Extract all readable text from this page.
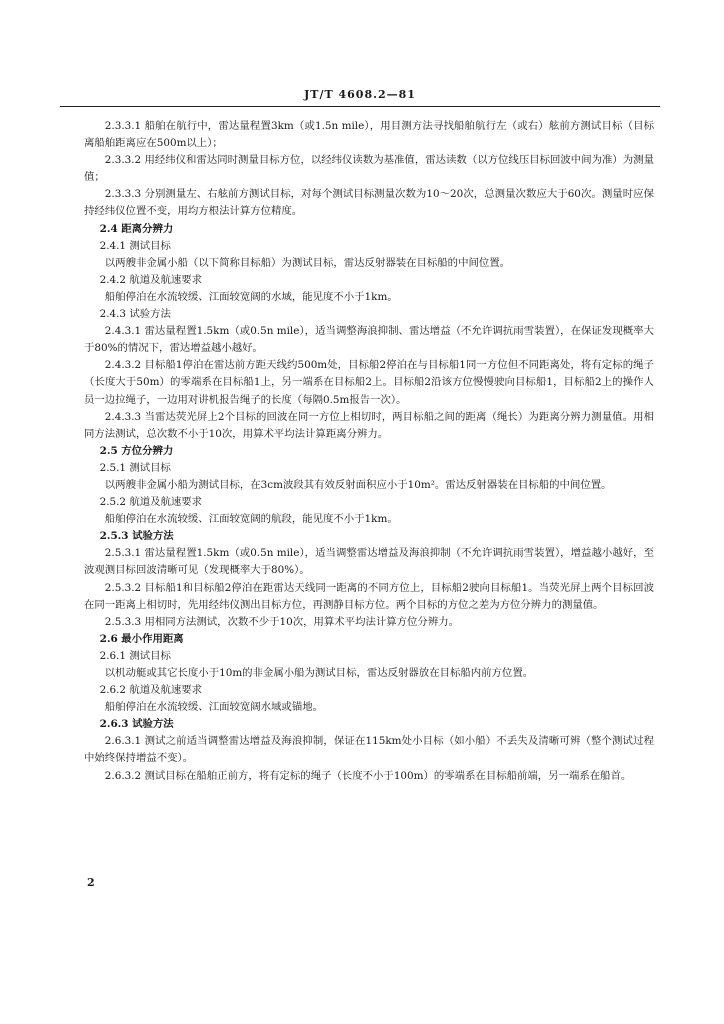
JT/T 4608.2—81

2.3.3.1 船舶在航行中，雷达量程置3km（或1.5n mile），用目测方法寻找船舶航行左（或右）舷前方测试目标（目标离船舶距离应在500m以上）；

2.3.3.2 用经纬仪和雷达同时测量目标方位，以经纬仪读数为基准值，雷达读数（以方位线压目标回波中间为准）为测量值；

2.3.3.3 分别测量左、右舷前方测试目标，对每个测试目标测量次数为10～20次，总测量次数应大于60次。测量时应保持经纬仪位置不变，用均方根法计算方位精度。

2.4 距离分辨力

2.4.1 测试目标

以两艘非金属小船（以下简称目标船）为测试目标，雷达反射器装在目标船的中间位置。

2.4.2 航道及航速要求

船舶停泊在水流较缓、江面较宽阔的水域，能见度不小于1km。

2.4.3 试验方法

2.4.3.1 雷达量程置1.5km（或0.5n mile），适当调整海浪抑制、雷达增益（不允许调抗雨雪装置），在保证发现概率大于80%的情况下，雷达增益越小越好。

2.4.3.2 目标船1停泊在雷达前方距天线约500m处，目标船2停泊在与目标船1同一方位但不同距离处，将有定标的绳子（长度大于50m）的零端系在目标船1上，另一端系在目标船2上。目标船2沿该方位慢慢驶向目标船1，目标船2上的操作人员一边拉绳子，一边用对讲机报告绳子的长度（每隔0.5m报告一次）。

2.4.3.3 当雷达荧光屏上2个目标的回波在同一方位上相切时，两目标船之间的距离（绳长）为距离分辨力测量值。用相同方法测试，总次数不小于10次，用算术平均法计算距离分辨力。

2.5 方位分辨力

2.5.1 测试目标

以两艘非金属小船为测试目标，在3cm波段其有效反射面积应小于10m²。雷达反射器装在目标船的中间位置。

2.5.2 航道及航速要求

船舶停泊在水流较缓、江面较宽阔的航段，能见度不小于1km。

2.5.3 试验方法

2.5.3.1 雷达量程置1.5km（或0.5n mile），适当调整雷达增益及海浪抑制（不允许调抗雨雪装置），增益越小越好，至波观测目标回波清晰可见（发现概率大于80%）。

2.5.3.2 目标船1和目标船2停泊在距雷达天线同一距离的不同方位上，目标船2驶向目标船1。当荧光屏上两个目标回波在同一距离上相切时，先用经纬仪测出目标方位，再测静目标方位。两个目标的方位之差为方位分辨力的测量值。

2.5.3.3 用相同方法测试，次数不少于10次，用算术平均法计算方位分辨力。

2.6 最小作用距离

2.6.1 测试目标

以机动艇或其它长度小于10m的非金属小船为测试目标，雷达反射器放在目标船内前方位置。

2.6.2 航道及航速要求

船舶停泊在水流较缓、江面较宽阔水域或锚地。

2.6.3 试验方法

2.6.3.1 测试之前适当调整雷达增益及海浪抑制，保证在115km处小目标（如小船）不丢失及清晰可辨（整个测试过程中始终保持增益不变）。

2.6.3.2 测试目标在船舶正前方，将有定标的绳子（长度不小于100m）的零端系在目标船前端，另一端系在船首。

2
